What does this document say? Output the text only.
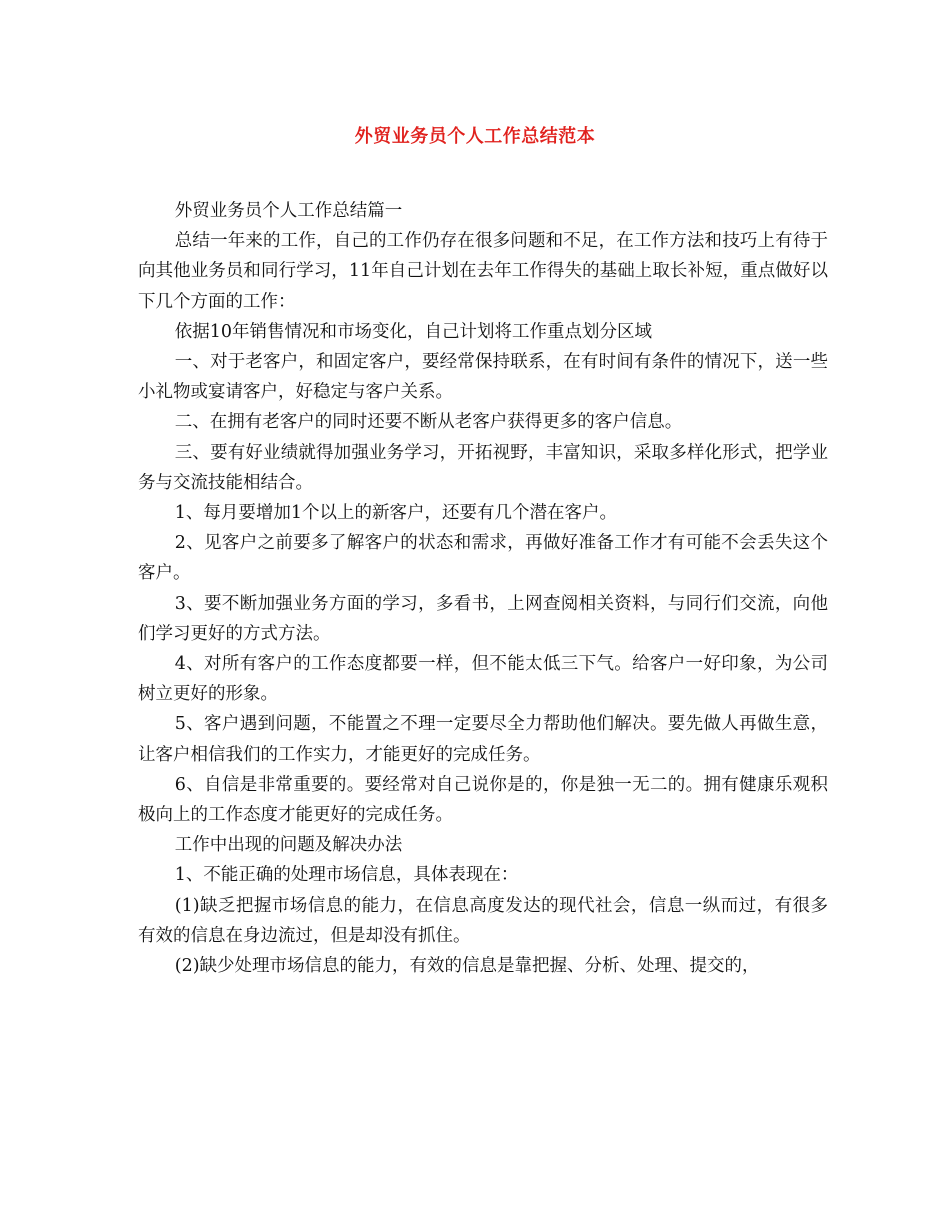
外贸业务员个人工作总结范本

外贸业务员个人工作总结篇一

总结一年来的工作，自己的工作仍存在很多问题和不足，在工作方法和技巧上有待于向其他业务员和同行学习，11年自己计划在去年工作得失的基础上取长补短，重点做好以下几个方面的工作：

依据10年销售情况和市场变化，自己计划将工作重点划分区域

一、对于老客户，和固定客户，要经常保持联系，在有时间有条件的情况下，送一些小礼物或宴请客户，好稳定与客户关系。

二、在拥有老客户的同时还要不断从老客户获得更多的客户信息。

三、要有好业绩就得加强业务学习，开拓视野，丰富知识，采取多样化形式，把学业务与交流技能相结合。

1、每月要增加1个以上的新客户，还要有几个潜在客户。

2、见客户之前要多了解客户的状态和需求，再做好准备工作才有可能不会丢失这个客户。

3、要不断加强业务方面的学习，多看书，上网查阅相关资料，与同行们交流，向他们学习更好的方式方法。

4、对所有客户的工作态度都要一样，但不能太低三下气。给客户一好印象，为公司树立更好的形象。

5、客户遇到问题，不能置之不理一定要尽全力帮助他们解决。要先做人再做生意，让客户相信我们的工作实力，才能更好的完成任务。

6、自信是非常重要的。要经常对自己说你是的，你是独一无二的。拥有健康乐观积极向上的工作态度才能更好的完成任务。

工作中出现的问题及解决办法

1、不能正确的处理市场信息，具体表现在：

(1)缺乏把握市场信息的能力，在信息高度发达的现代社会，信息一纵而过，有很多有效的信息在身边流过，但是却没有抓住。

(2)缺少处理市场信息的能力，有效的信息是靠把握、分析、处理、提交的，
